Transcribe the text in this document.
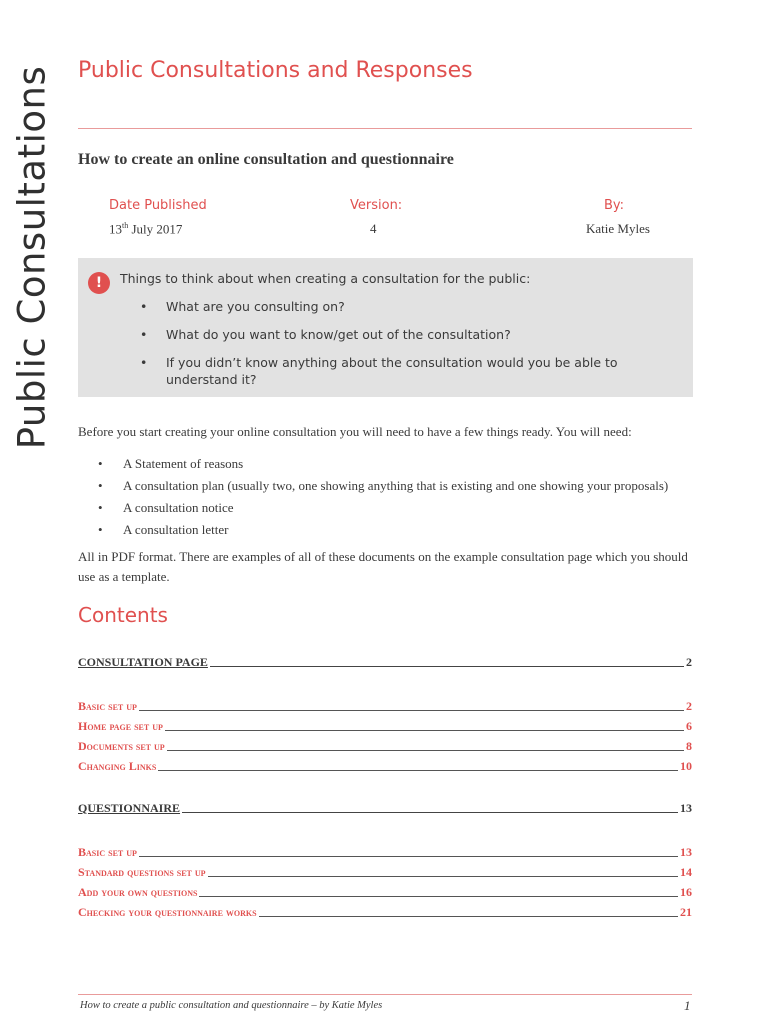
Public Consultations Public Consultations and Responses
How to create an online consultation and questionnaire
Date Published	Version:	By:
13th July 2017	4	Katie Myles
!	Things to think about when creating a consultation for the public:
• What are you consulting on?
• What do you want to know/get out of the consultation?
• If you didn’t know anything about the consultation would you be able to understand it?

Before you start creating your online consultation you will need to have a few things ready. You will need:

• A Statement of reasons
• A consultation plan (usually two, one showing anything that is existing and one showing your proposals)
• A consultation notice
• A consultation letter

All in PDF format. There are examples of all of these documents on the example consultation page which you should use as a template.

Contents
CONSULTATION PAGE	2
Basic set up	2
Home page set up	6
Documents set up	8
Changing Links	10
QUESTIONNAIRE	13
Basic set up	13
Standard questions set up	14
Add your own questions	16
Checking your questionnaire works	21
How to create a public consultation and questionnaire – by Katie Myles	1
